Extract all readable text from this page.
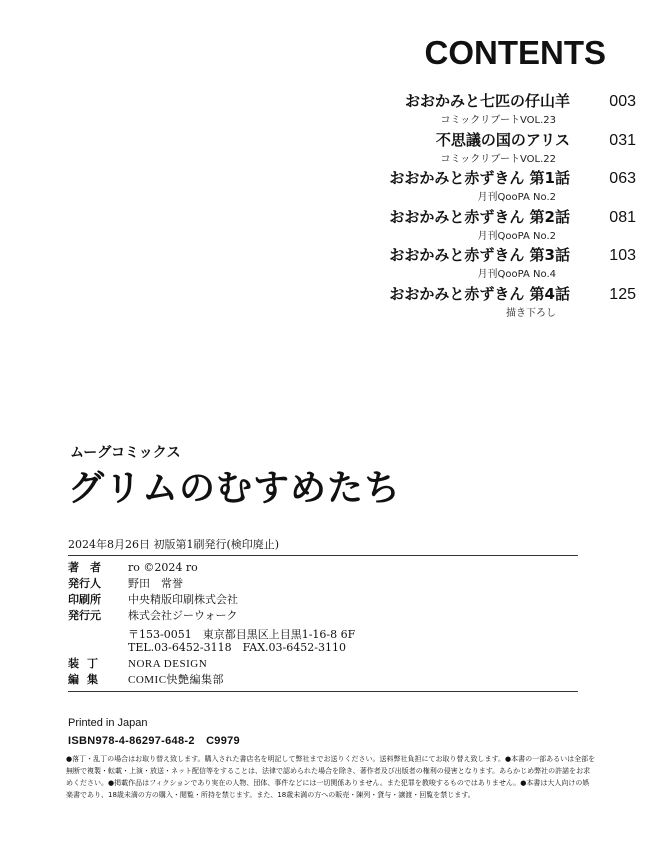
CONTENTS
おおかみと七匹の仔山羊	003
コミックリブートVOL.23
不思議の国のアリス	031
コミックリブートVOL.22
おおかみと赤ずきん 第1話	063
月刊QooPA No.2
おおかみと赤ずきん 第2話	081
月刊QooPA No.2
おおかみと赤ずきん 第3話	103
月刊QooPA No.4
おおかみと赤ずきん 第4話	125
描き下ろし
ムーグコミックス
グリムのむすめたち
2024年8月26日 初版第1刷発行(検印廃止)
著　者	ro ©2024 ro
発行人	野田　常誉
印刷所	中央精版印刷株式会社
発行元	株式会社ジーウォーク
〒153-0051　東京都目黒区上目黒1-16-8 6F
TEL.03-6452-3118　FAX.03-6452-3110
装丁	NORA DESIGN
編集	COMIC快艶編集部
Printed in Japan
ISBN978-4-86297-648-2　C9979
●落丁・乱丁の場合はお取り替え致します。購入された書店名を明記して弊社までお送りください。送料弊社負担にてお取り替え致します。●本書の一部あるいは全部を無断で複製・転載・上演・放送・ネット配信等をすることは、法律で認められた場合を除き、著作者及び出版者の権利の侵害となります。あらかじめ弊社の許諾をお求めください。●掲載作品はフィクションであり実在の人物、団体、事件などには一切関係ありません。また犯罪を教唆するものではありません。●本書は大人向けの娯楽書であり、18歳未満の方の購入・閲覧・所持を禁じます。また、18歳未満の方への販売・陳列・貸与・譲渡・回覧を禁じます。
